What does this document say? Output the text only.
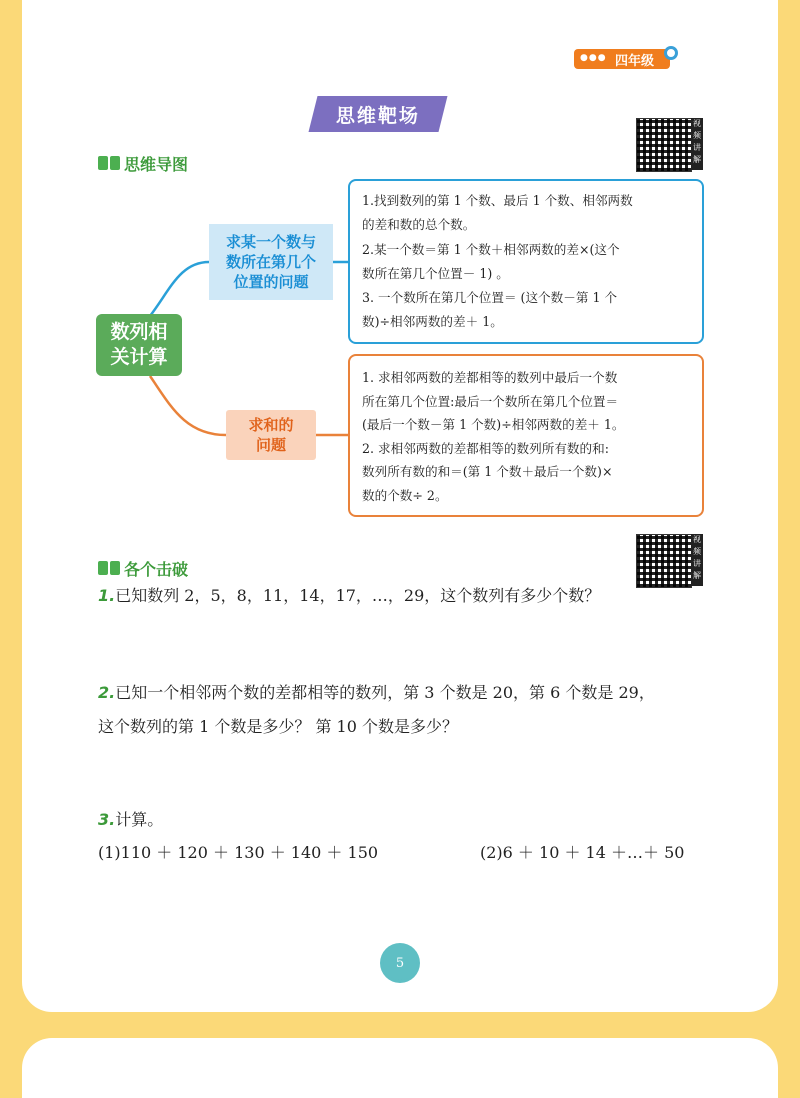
●●● 四年级
思维靶场	视频讲解
思维导图
数列相
关计算
求某一个数与
数所在第几个
位置的问题
求和的
问题

1.找到数列的第 1 个数、最后 1 个数、相邻两数

的差和数的总个数。

2.某一个数＝第 1 个数＋相邻两数的差×(这个

数所在第几个位置－ 1) 。

3. 一个数所在第几个位置＝ (这个数－第 1 个

数)÷相邻两数的差＋ 1。

1. 求相邻两数的差都相等的数列中最后一个数

所在第几个位置:最后一个数所在第几个位置＝

(最后一个数－第 1 个数)÷相邻两数的差＋ 1。

2. 求相邻两数的差都相等的数列所有数的和:

数列所有数的和＝(第 1 个数＋最后一个数)×

数的个数÷ 2。

视频讲解
各个击破
1.已知数列 2，5，8，11，14，17，…，29，这个数列有多少个数？
2.已知一个相邻两个数的差都相等的数列，第 3 个数是 20，第 6 个数是 29，
这个数列的第 1 个数是多少？ 第 10 个数是多少？
3.计算。
(1)110 ＋ 120 ＋ 130 ＋ 140 ＋ 150	(2)6 ＋ 10 ＋ 14 ＋…＋ 50
5
